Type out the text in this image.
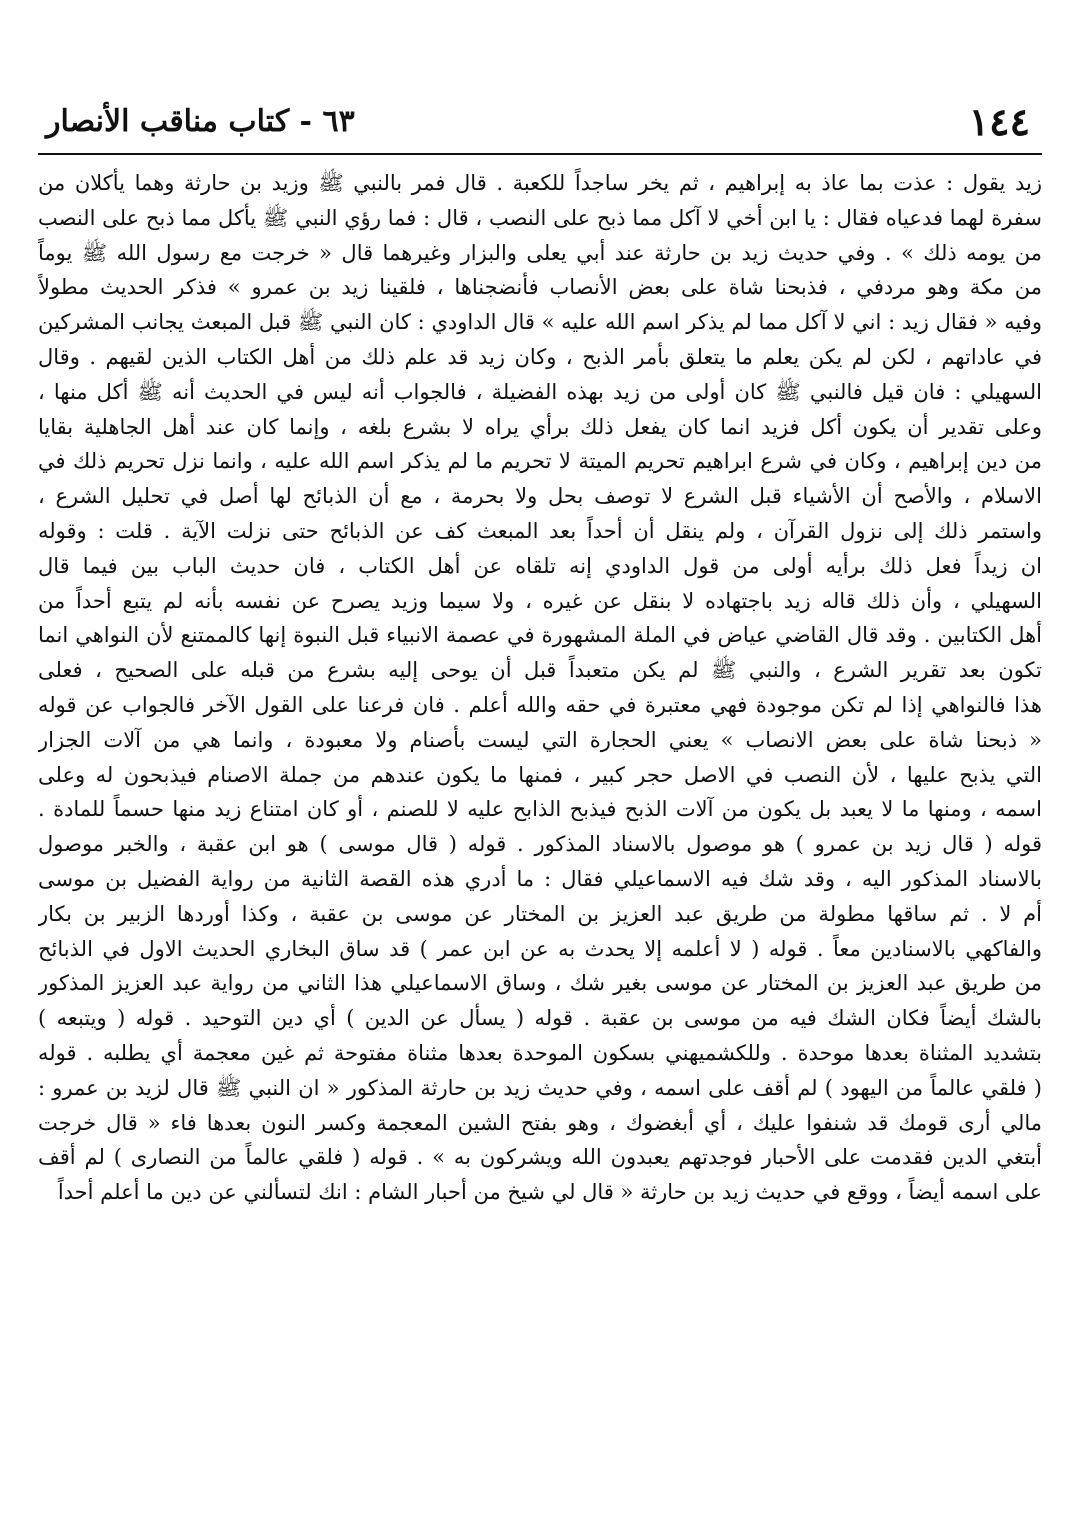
١٤٤
٦٣ - كتاب مناقب الأنصار
زيد يقول : عذت بما عاذ به إبراهيم ، ثم يخر ساجداً للكعبة . قال فمر بالنبي ﷺ وزيد بن حارثة وهما يأكلان من
سفرة لهما فدعياه فقال : يا ابن أخي لا آكل مما ذبح على النصب ، قال : فما رؤي النبي ﷺ يأكل مما ذبح على النصب
من يومه ذلك » . وفي حديث زيد بن حارثة عند أبي يعلى والبزار وغيرهما قال « خرجت مع رسول الله ﷺ يوماً
من مكة وهو مردفي ، فذبحنا شاة على بعض الأنصاب فأنضجناها ، فلقينا زيد بن عمرو » فذكر الحديث مطولاً
وفيه « فقال زيد : اني لا آكل مما لم يذكر اسم الله عليه » قال الداودي : كان النبي ﷺ قبل المبعث يجانب المشركين
في عاداتهم ، لكن لم يكن يعلم ما يتعلق بأمر الذبح ، وكان زيد قد علم ذلك من أهل الكتاب الذين لقيهم . وقال
السهيلي : فان قيل فالنبي ﷺ كان أولى من زيد بهذه الفضيلة ، فالجواب أنه ليس في الحديث أنه ﷺ أكل منها ،
وعلى تقدير أن يكون أكل فزيد انما كان يفعل ذلك برأي يراه لا بشرع بلغه ، وإنما كان عند أهل الجاهلية بقايا
من دين إبراهيم ، وكان في شرع ابراهيم تحريم الميتة لا تحريم ما لم يذكر اسم الله عليه ، وانما نزل تحريم ذلك في
الاسلام ، والأصح أن الأشياء قبل الشرع لا توصف بحل ولا بحرمة ، مع أن الذبائح لها أصل في تحليل الشرع ،
واستمر ذلك إلى نزول القرآن ، ولم ينقل أن أحداً بعد المبعث كف عن الذبائح حتى نزلت الآية . قلت : وقوله
ان زيداً فعل ذلك برأيه أولى من قول الداودي إنه تلقاه عن أهل الكتاب ، فان حديث الباب بين فيما قال
السهيلي ، وأن ذلك قاله زيد باجتهاده لا بنقل عن غيره ، ولا سيما وزيد يصرح عن نفسه بأنه لم يتبع أحداً من
أهل الكتابين . وقد قال القاضي عياض في الملة المشهورة في عصمة الانبياء قبل النبوة إنها كالممتنع لأن النواهي انما
تكون بعد تقرير الشرع ، والنبي ﷺ لم يكن متعبداً قبل أن يوحى إليه بشرع من قبله على الصحيح ، فعلى
هذا فالنواهي إذا لم تكن موجودة فهي معتبرة في حقه والله أعلم . فان فرعنا على القول الآخر فالجواب عن قوله
« ذبحنا شاة على بعض الانصاب » يعني الحجارة التي ليست بأصنام ولا معبودة ، وانما هي من آلات الجزار
التي يذبح عليها ، لأن النصب في الاصل حجر كبير ، فمنها ما يكون عندهم من جملة الاصنام فيذبحون له وعلى
اسمه ، ومنها ما لا يعبد بل يكون من آلات الذبح فيذبح الذابح عليه لا للصنم ، أو كان امتناع زيد منها حسماً للمادة .
قوله ( قال زيد بن عمرو ) هو موصول بالاسناد المذكور . قوله ( قال موسى ) هو ابن عقبة ، والخبر موصول
بالاسناد المذكور اليه ، وقد شك فيه الاسماعيلي فقال : ما أدري هذه القصة الثانية من رواية الفضيل بن موسى
أم لا . ثم ساقها مطولة من طريق عبد العزيز بن المختار عن موسى بن عقبة ، وكذا أوردها الزبير بن بكار
والفاكهي بالاسنادين معاً . قوله ( لا أعلمه إلا يحدث به عن ابن عمر ) قد ساق البخاري الحديث الاول في الذبائح
من طريق عبد العزيز بن المختار عن موسى بغير شك ، وساق الاسماعيلي هذا الثاني من رواية عبد العزيز المذكور
بالشك أيضاً فكان الشك فيه من موسى بن عقبة . قوله ( يسأل عن الدين ) أي دين التوحيد . قوله ( ويتبعه )
بتشديد المثناة بعدها موحدة . وللكشميهني بسكون الموحدة بعدها مثناة مفتوحة ثم غين معجمة أي يطلبه . قوله
( فلقي عالماً من اليهود ) لم أقف على اسمه ، وفي حديث زيد بن حارثة المذكور « ان النبي ﷺ قال لزيد بن عمرو :
مالي أرى قومك قد شنفوا عليك ، أي أبغضوك ، وهو بفتح الشين المعجمة وكسر النون بعدها فاء « قال خرجت
أبتغي الدين فقدمت على الأحبار فوجدتهم يعبدون الله ويشركون به » . قوله ( فلقي عالماً من النصارى ) لم أقف
على اسمه أيضاً ، ووقع في حديث زيد بن حارثة « قال لي شيخ من أحبار الشام : انك لتسألني عن دين ما أعلم أحداً
